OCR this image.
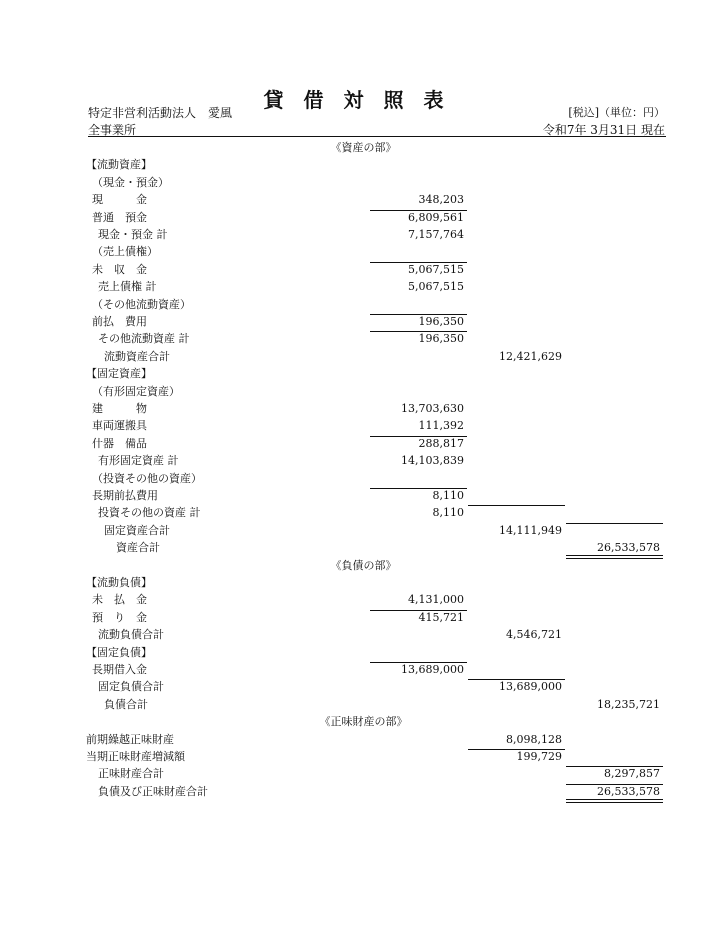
貸借対照表
特定非営利活動法人　愛風
全事業所
[税込]（単位：円）
令和7年 3月31日 現在
《資産の部》
【流動資産】
（現金・預金）
現　　　金	348,203
普通　預金	6,809,561
現金・預金 計	7,157,764
（売上債権）
未　収　金	5,067,515
売上債権 計	5,067,515
（その他流動資産）
前払　費用	196,350
その他流動資産 計	196,350
流動資産合計	12,421,629
【固定資産】
（有形固定資産）
建　　　物	13,703,630
車両運搬具	111,392
什器　備品	288,817
有形固定資産 計	14,103,839
（投資その他の資産）
長期前払費用	8,110
投資その他の資産 計	8,110
固定資産合計	14,111,949
資産合計	26,533,578
《負債の部》
【流動負債】
未　払　金	4,131,000
預　り　金	415,721
流動負債合計	4,546,721
【固定負債】
長期借入金	13,689,000
固定負債合計	13,689,000
負債合計	18,235,721
《正味財産の部》
前期繰越正味財産	8,098,128
当期正味財産増減額	199,729
正味財産合計	8,297,857
負債及び正味財産合計	26,533,578
